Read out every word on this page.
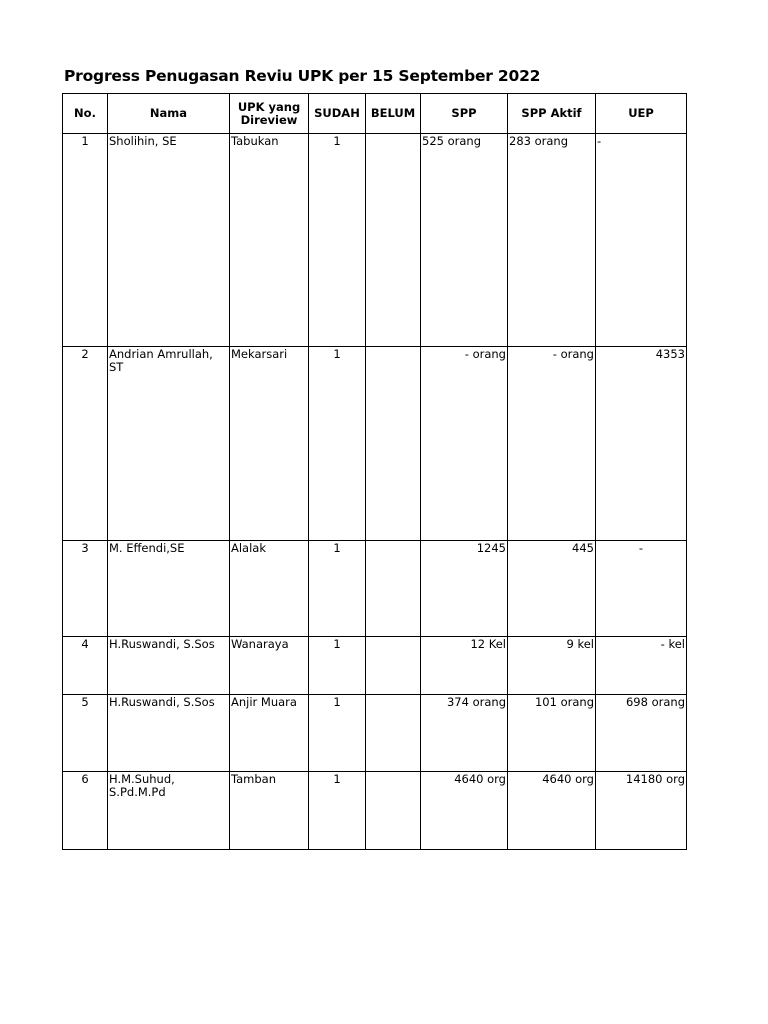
Progress Penugasan Reviu UPK per 15 September 2022
No.	Nama	UPK yang Direview	SUDAH	BELUM	SPP	SPP Aktif	UEP
1	Sholihin, SE	Tabukan	1		525 orang	283 orang	-
2	Andrian Amrullah, ST	Mekarsari	1		- orang	- orang	4353
3	M. Effendi,SE	Alalak	1		1245	445	-
4	H.Ruswandi, S.Sos	Wanaraya	1		12 Kel	9 kel	- kel
5	H.Ruswandi, S.Sos	Anjir Muara	1		374 orang	101 orang	698 orang
6	H.M.Suhud, S.Pd.M.Pd	Tamban	1		4640 org	4640 org	14180 org
